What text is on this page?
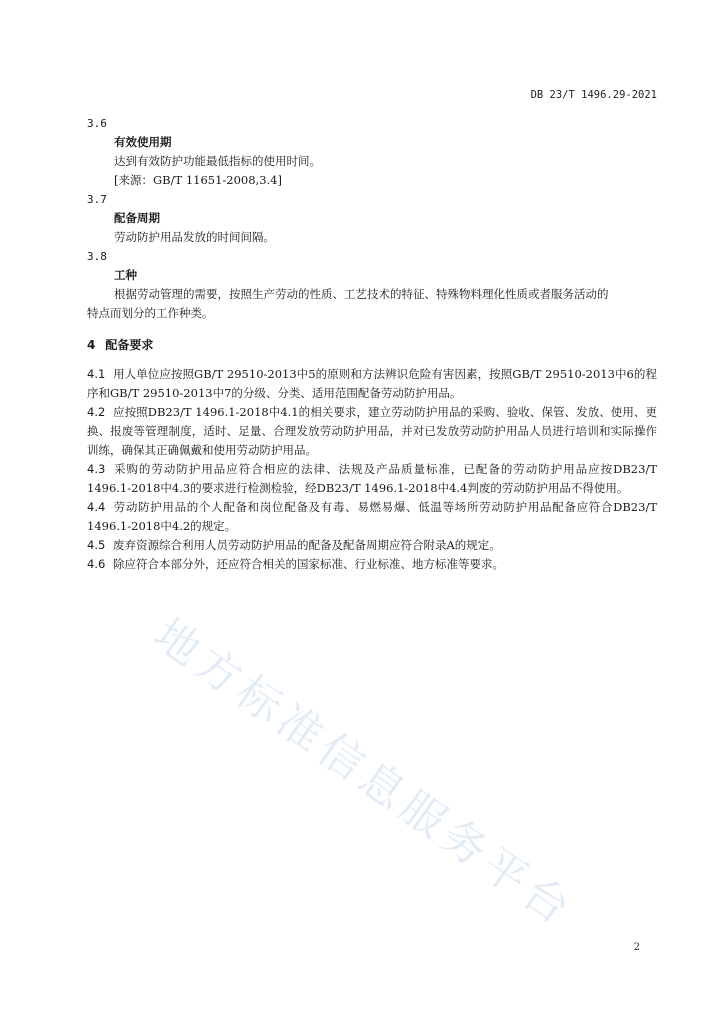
DB 23/T 1496.29-2021
地方标准信息服务平台
3.6
有效使用期
达到有效防护功能最低指标的使用时间。
[来源：GB/T 11651-2008,3.4]
3.7
配备周期
劳动防护用品发放的时间间隔。
3.8
工种
根据劳动管理的需要，按照生产劳动的性质、工艺技术的特征、特殊物料理化性质或者服务活动的
特点而划分的工作种类。
4 配备要求
4.1 用人单位应按照GB/T 29510-2013中5的原则和方法辨识危险有害因素，按照GB/T 29510-2013中6的程序和GB/T 29510-2013中7的分级、分类、适用范围配备劳动防护用品。
4.2 应按照DB23/T 1496.1-2018中4.1的相关要求，建立劳动防护用品的采购、验收、保管、发放、使用、更换、报废等管理制度，适时、足量、合理发放劳动防护用品，并对已发放劳动防护用品人员进行培训和实际操作训练，确保其正确佩戴和使用劳动防护用品。
4.3 采购的劳动防护用品应符合相应的法律、法规及产品质量标准，已配备的劳动防护用品应按DB23/T 1496.1-2018中4.3的要求进行检测检验，经DB23/T 1496.1-2018中4.4判废的劳动防护用品不得使用。
4.4 劳动防护用品的个人配备和岗位配备及有毒、易燃易爆、低温等场所劳动防护用品配备应符合DB23/T 1496.1-2018中4.2的规定。
4.5 废弃资源综合利用人员劳动防护用品的配备及配备周期应符合附录A的规定。
4.6 除应符合本部分外，还应符合相关的国家标准、行业标准、地方标准等要求。
2
